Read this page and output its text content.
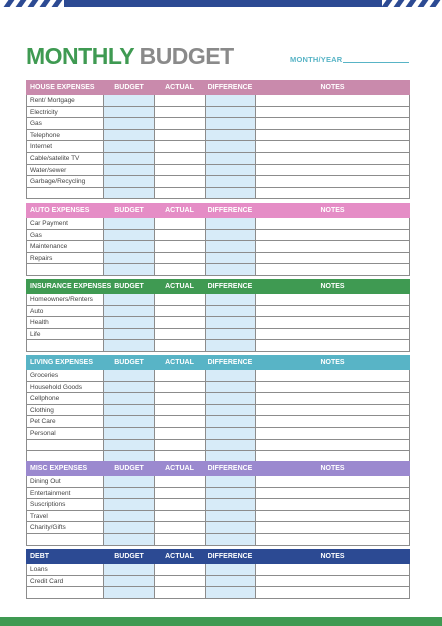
MONTHLY BUDGET	MONTH/YEAR
HOUSE EXPENSES	BUDGET	ACTUAL	DIFFERENCE	NOTES
Rent/ Mortgage
Electricity
Gas
Telephone
Internet
Cable/satelite TV
Water/sewer
Garbage/Recycling
AUTO EXPENSES	BUDGET	ACTUAL	DIFFERENCE	NOTES
Car Payment
Gas
Maintenance
Repairs
INSURANCE EXPENSES BUDGET	ACTUAL	DIFFERENCE	NOTES
Homeowners/Renters
Auto
Health
Life
LIVING EXPENSES	BUDGET	ACTUAL	DIFFERENCE	NOTES
Groceries
Household Goods
Cellphone
Clothing
Pet Care
Personal
MISC EXPENSES	BUDGET	ACTUAL	DIFFERENCE	NOTES
Dining Out
Entertainment
Suscriptions
Travel
Charity/Gifts
DEBT	BUDGET	ACTUAL	DIFFERENCE	NOTES
Loans
Credit Card
